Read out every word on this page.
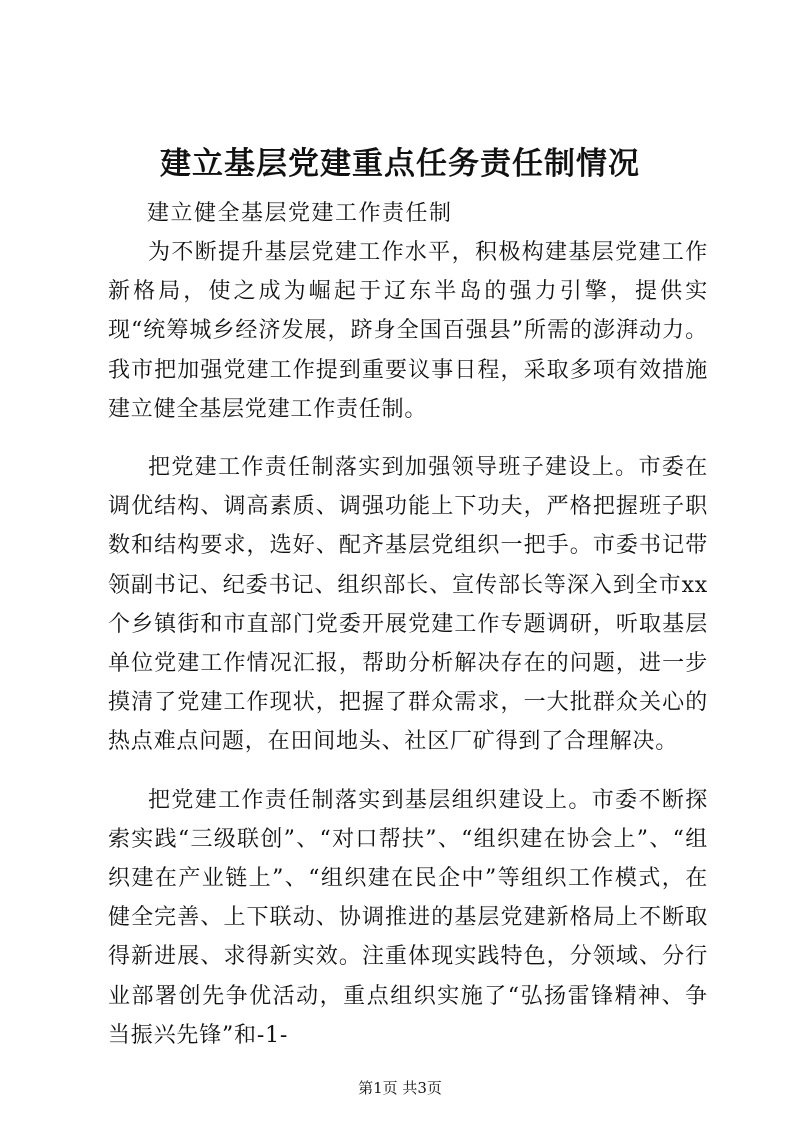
建立基层党建重点任务责任制情况
建立健全基层党建工作责任制

为不断提升基层党建工作水平，积极构建基层党建工作新格局，使之成为崛起于辽东半岛的强力引擎，提供实现“统筹城乡经济发展，跻身全国百强县”所需的澎湃动力。我市把加强党建工作提到重要议事日程，采取多项有效措施建立健全基层党建工作责任制。

把党建工作责任制落实到加强领导班子建设上。市委在调优结构、调高素质、调强功能上下功夫，严格把握班子职数和结构要求，选好、配齐基层党组织一把手。市委书记带领副书记、纪委书记、组织部长、宣传部长等深入到全市xx个乡镇街和市直部门党委开展党建工作专题调研，听取基层单位党建工作情况汇报，帮助分析解决存在的问题，进一步摸清了党建工作现状，把握了群众需求，一大批群众关心的热点难点问题，在田间地头、社区厂矿得到了合理解决。

把党建工作责任制落实到基层组织建设上。市委不断探索实践“三级联创”、“对口帮扶”、“组织建在协会上”、“组织建在产业链上”、“组织建在民企中”等组织工作模式，在健全完善、上下联动、协调推进的基层党建新格局上不断取得新进展、求得新实效。注重体现实践特色，分领域、分行业部署创先争优活动，重点组织实施了“弘扬雷锋精神、争当振兴先锋”和-1-

第1页 共3页
